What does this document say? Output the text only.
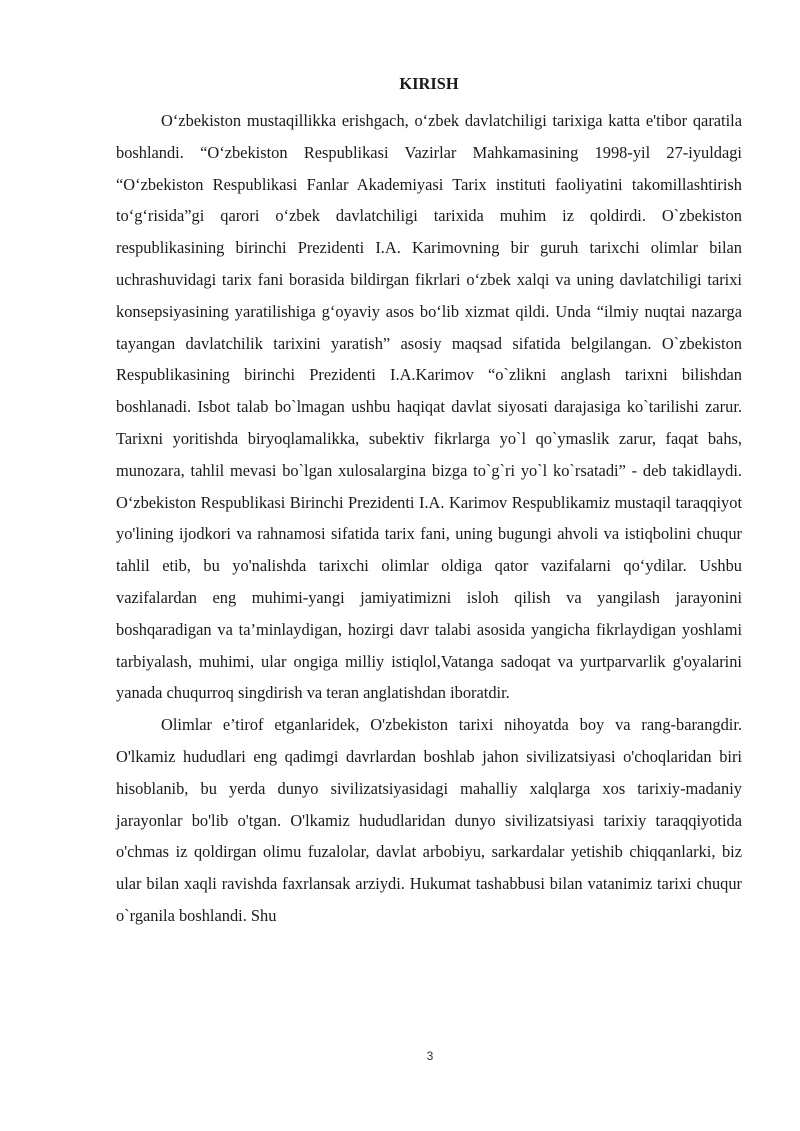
KIRISH

O‘zbekiston mustaqillikka erishgach, o‘zbek davlatchiligi tarixiga katta e'tibor qaratila boshlandi. “O‘zbekiston Respublikasi Vazirlar Mahkamasining 1998-yil 27-iyuldagi “O‘zbekiston Respublikasi Fanlar Akademiyasi Tarix instituti faoliyatini takomillashtirish to‘g‘risida”gi qarori o‘zbek davlatchiligi tarixida muhim iz qoldirdi. O`zbekiston respublikasining birinchi Prezidenti I.A. Karimovning bir guruh tarixchi olimlar bilan uchrashuvidagi tarix fani borasida bildirgan fikrlari o‘zbek xalqi va uning davlatchiligi tarixi konsepsiyasining yaratilishiga g‘oyaviy asos bo‘lib xizmat qildi. Unda “ilmiy nuqtai nazarga tayangan davlatchilik tarixini yaratish” asosiy maqsad sifatida belgilangan. O`zbekiston Respublikasining birinchi Prezidenti I.A.Karimov “o`zlikni anglash tarixni bilishdan boshlanadi. Isbot talab bo`lmagan ushbu haqiqat davlat siyosati darajasiga ko`tarilishi zarur. Tarixni yoritishda biryoqlamalikka, subektiv fikrlarga yo`l qo`ymaslik zarur, faqat bahs, munozara, tahlil mevasi bo`lgan xulosalargina bizga to`g`ri yo`l ko`rsatadi” - deb takidlaydi. O‘zbekiston Respublikasi Birinchi Prezidenti I.A. Karimov Respublikamiz mustaqil taraqqiyot yo'lining ijodkori va rahnamosi sifatida tarix fani, uning bugungi ahvoli va istiqbolini chuqur tahlil etib, bu yo'nalishda tarixchi olimlar oldiga qator vazifalarni qo‘ydilar. Ushbu vazifalardan eng muhimi-yangi jamiyatimizni isloh qilish va yangilash jarayonini boshqaradigan va ta’minlaydigan, hozirgi davr talabi asosida yangicha fikrlaydigan yoshlami tarbiyalash, muhimi, ular ongiga milliy istiqlol,Vatanga sadoqat va yurtparvarlik g'oyalarini yanada chuqurroq singdirish va teran anglatishdan iboratdir.

Olimlar e’tirof etganlaridek, O'zbekiston tarixi nihoyatda boy va rang-barangdir. O'lkamiz hududlari eng qadimgi davrlardan boshlab jahon sivilizatsiyasi o'choqlaridan biri hisoblanib, bu yerda dunyo sivilizatsiyasidagi mahalliy xalqlarga xos tarixiy-madaniy jarayonlar bo'lib o'tgan. O'lkamiz hududlaridan dunyo sivilizatsiyasi tarixiy taraqqiyotida o'chmas iz qoldirgan olimu fuzalolar, davlat arbobiyu, sarkardalar yetishib chiqqanlarki, biz ular bilan xaqli ravishda faxrlansak arziydi. Hukumat tashabbusi bilan vatanimiz tarixi chuqur o`rganila boshlandi. Shu

3
